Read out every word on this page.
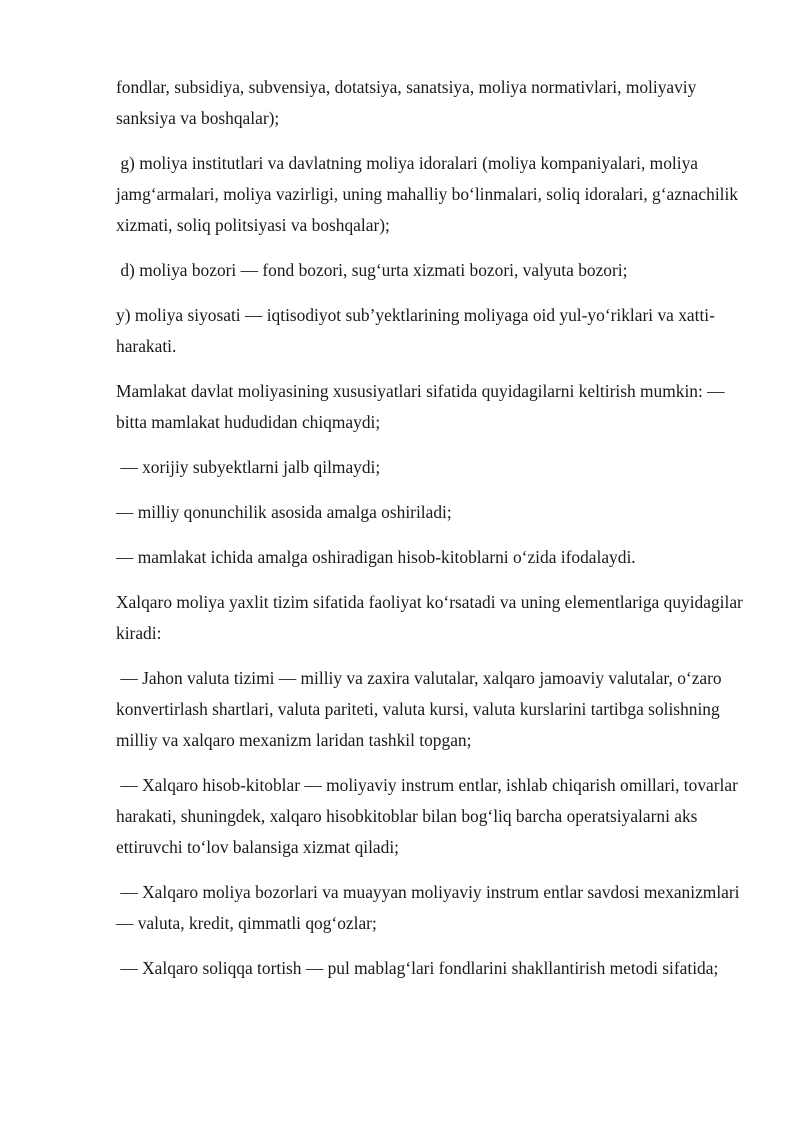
fondlar, subsidiya, subvensiya, dotatsiya, sanatsiya, moliya normativlari, moliyaviy sanksiya va boshqalar);

g) moliya institutlari va davlatning moliya idoralari (moliya kompaniyalari, moliya jamg‘armalari, moliya vazirligi, uning mahalliy bo‘linmalari, soliq idoralari, g‘aznachilik xizmati, soliq politsiyasi va boshqalar);

d) moliya bozori — fond bozori, sug‘urta xizmati bozori, valyuta bozori;

y) moliya siyosati — iqtisodiyot sub’yektlarining moliyaga oid yul-yo‘riklari va xatti-harakati.

Mamlakat davlat moliyasining xususiyatlari sifatida quyidagilarni keltirish mumkin: — bitta mamlakat hududidan chiqmaydi;

— xorijiy subyektlarni jalb qilmaydi;

— milliy qonunchilik asosida amalga oshiriladi;

— mamlakat ichida amalga oshiradigan hisob-kitoblarni o‘zida ifodalaydi.

Xalqaro moliya yaxlit tizim sifatida faoliyat ko‘rsatadi va uning elementlariga quyidagilar kiradi:

— Jahon valuta tizimi — milliy va zaxira valutalar, xalqaro jamoaviy valutalar, o‘zaro konvertirlash shartlari, valuta pariteti, valuta kursi, valuta kurslarini tartibga solishning milliy va xalqaro mexanizm laridan tashkil topgan;

— Xalqaro hisob-kitoblar — moliyaviy instrum entlar, ishlab chiqarish omillari, tovarlar harakati, shuningdek, xalqaro hisobkitoblar bilan bog‘liq barcha operatsiyalarni aks ettiruvchi to‘lov balansiga xizmat qiladi;

— Xalqaro moliya bozorlari va muayyan moliyaviy instrum entlar savdosi mexanizmlari — valuta, kredit, qimmatli qog‘ozlar;

— Xalqaro soliqqa tortish — pul mablag‘lari fondlarini shakllantirish metodi sifatida;
